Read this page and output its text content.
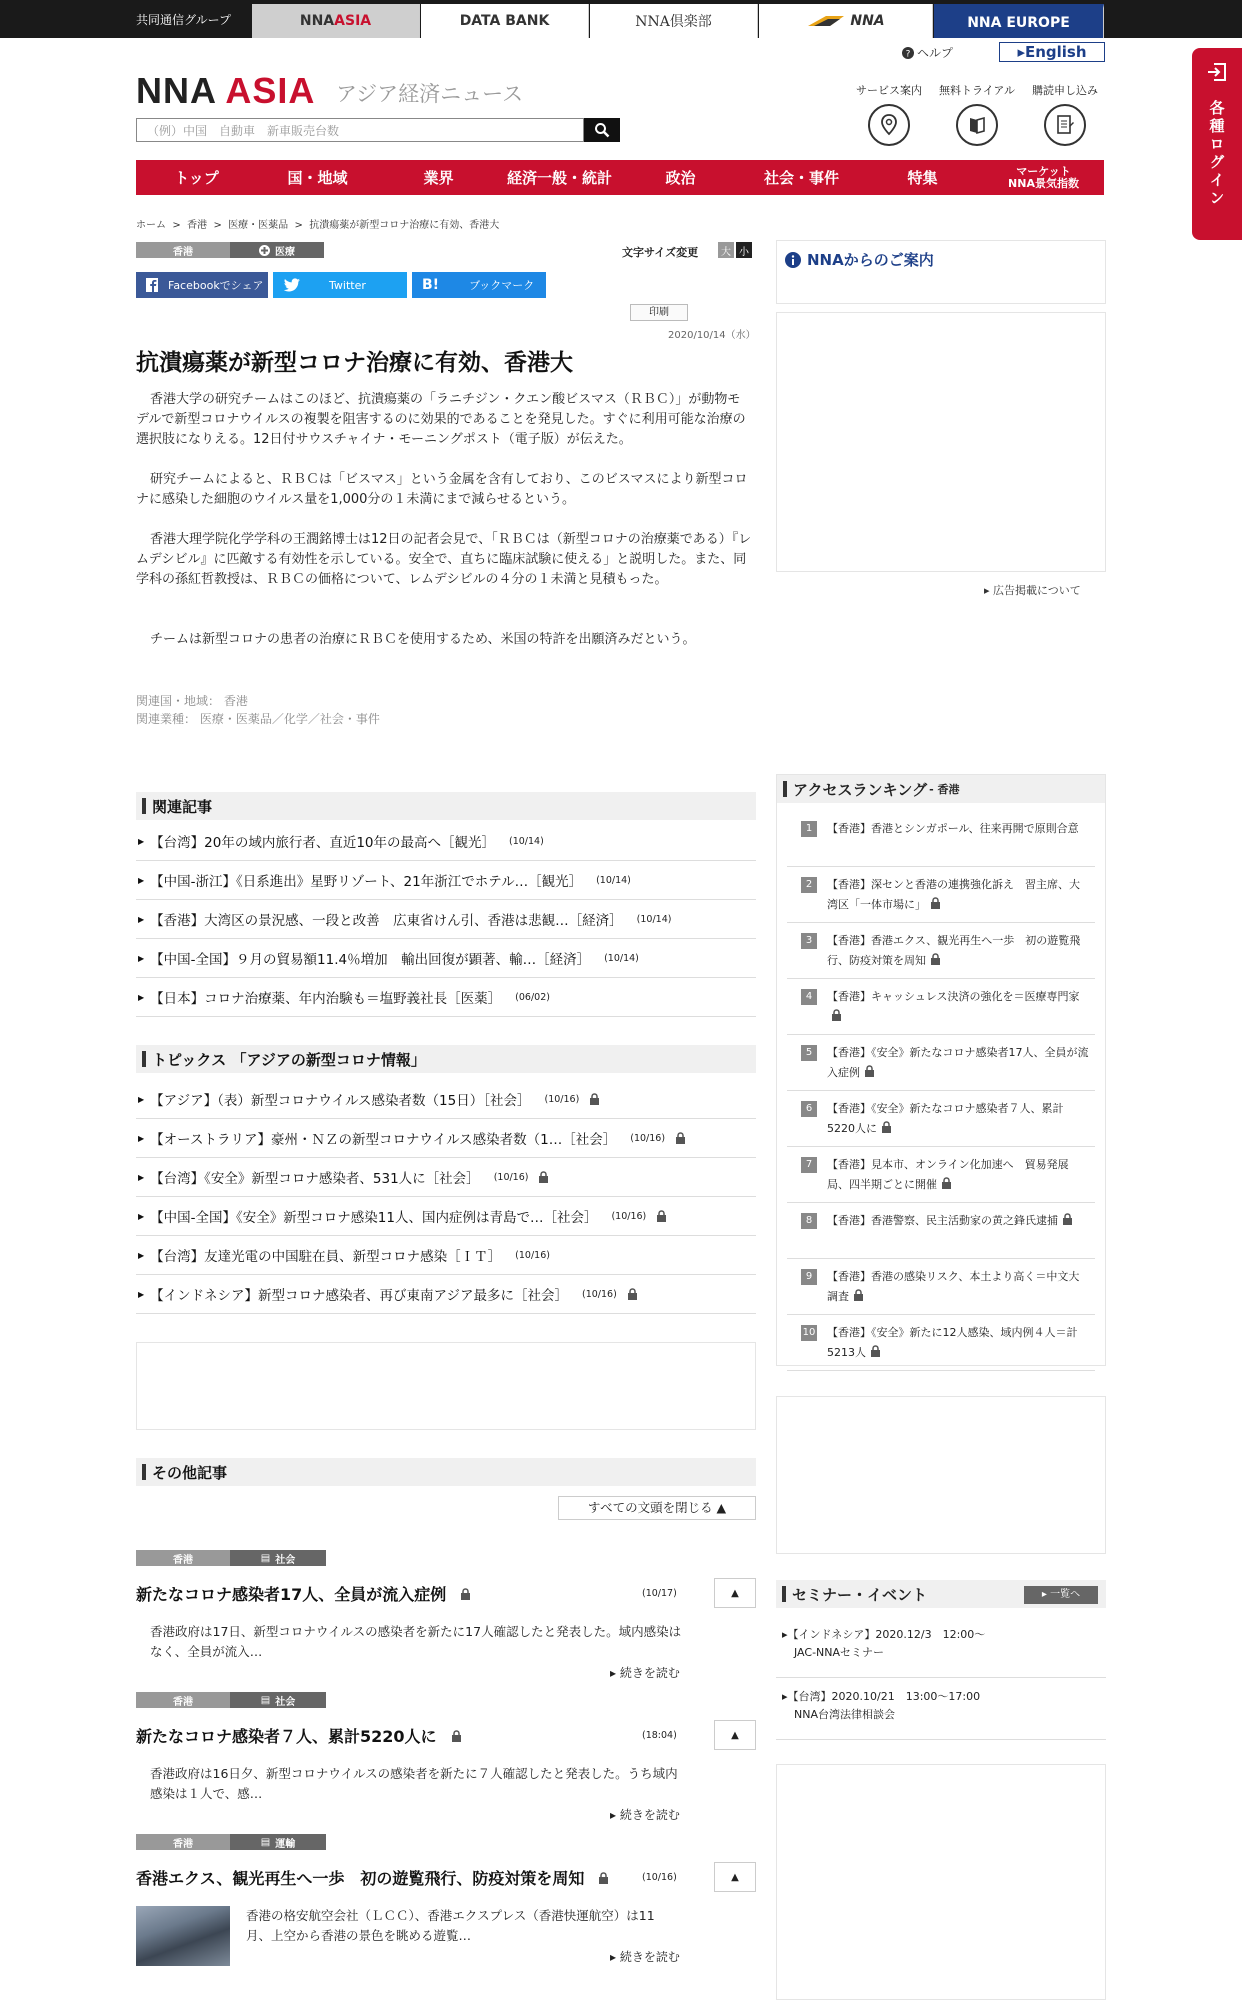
共同通信グループ	NNA ASIA	DATA BANK	NNA倶楽部	NNA	NNA EUROPE
NNA ASIA アジア経済ニュース
（例）中国　自動車　新車販売台数
? ヘルプ	▸English
サービス案内	無料トライアル	購読申し込み
トップ	国・地域	業界	経済一般・統計	政治	社会・事件	特集	マーケット
NNA景気指数	各種ログイン
ホーム  >  香港  >  医療・医薬品  >  抗潰瘍薬が新型コロナ治療に有効、香港大
香港	医療	文字サイズ変更	大 小
Facebookでシェア	Twitter	B!	ブックマーク
印刷
2020/10/14（水）
抗潰瘍薬が新型コロナ治療に有効、香港大
香港大学の研究チームはこのほど、抗潰瘍薬の「ラニチジン・クエン酸ビスマス（ＲＢＣ）」が動物モデルで新型コロナウイルスの複製を阻害するのに効果的であることを発見した。すぐに利用可能な治療の選択肢になりえる。12日付サウスチャイナ・モーニングポスト（電子版）が伝えた。
研究チームによると、ＲＢＣは「ビスマス」という金属を含有しており、このビスマスにより新型コロナに感染した細胞のウイルス量を1,000分の１未満にまで減らせるという。
香港大理学院化学学科の王潤銘博士は12日の記者会見で、「ＲＢＣは（新型コロナの治療薬である）『レムデシビル』に匹敵する有効性を示している。安全で、直ちに臨床試験に使える」と説明した。また、同学科の孫紅哲教授は、ＲＢＣの価格について、レムデシビルの４分の１未満と見積もった。
チームは新型コロナの患者の治療にＲＢＣを使用するため、米国の特許を出願済みだという。
関連国・地域： 香港
関連業種： 医療・医薬品／化学／社会・事件
関連記事
▶ 【台湾】20年の域内旅行者、直近10年の最高へ［観光］ (10/14)
▶ 【中国-浙江】《日系進出》星野リゾート、21年浙江でホテル…［観光］ (10/14)
▶ 【香港】大湾区の景況感、一段と改善　広東省けん引、香港は悲観…［経済］ (10/14)
▶ 【中国-全国】９月の貿易額11.4％増加　輸出回復が顕著、輸…［経済］ (10/14)
▶ 【日本】コロナ治療薬、年内治験も＝塩野義社長［医薬］ (06/02)
トピックス 「アジアの新型コロナ情報」
▶ 【アジア】（表）新型コロナウイルス感染者数（15日）［社会］ (10/16)
▶ 【オーストラリア】豪州・ＮＺの新型コロナウイルス感染者数（1…［社会］ (10/16)
▶ 【台湾】《安全》新型コロナ感染者、531人に［社会］ (10/16)
▶ 【中国-全国】《安全》新型コロナ感染11人、国内症例は青島で…［社会］ (10/16)
▶ 【台湾】友達光電の中国駐在員、新型コロナ感染［ＩＴ］ (10/16)
▶ 【インドネシア】新型コロナ感染者、再び東南アジア最多に［社会］ (10/16)
その他記事
すべての文頭を閉じる ▲
香港	▤ 社会
新たなコロナ感染者17人、全員が流入症例	(10/17)	▲
香港政府は17日、新型コロナウイルスの感染者を新たに17人確認したと発表した。域内感染はなく、全員が流入…
▸ 続きを読む
香港	▤ 社会
新たなコロナ感染者７人、累計5220人に	(18:04)	▲
香港政府は16日夕、新型コロナウイルスの感染者を新たに７人確認したと発表した。うち域内感染は１人で、感…
▸ 続きを読む
香港	▤ 運輸
香港エクス、観光再生へ一歩　初の遊覧飛行、防疫対策を周知	(10/16)	▲
香港の格安航空会社（ＬＣＣ）、香港エクスプレス（香港快運航空）は11月、上空から香港の景色を眺める遊覧…
▸ 続きを読む
NNAからのご案内
▸ 広告掲載について
アクセスランキング - 香港
1	【香港】香港とシンガポール、往来再開で原則合意
2	【香港】深センと香港の連携強化訴え　習主席、大湾区「一体市場に」
3	【香港】香港エクス、観光再生へ一歩　初の遊覧飛行、防疫対策を周知
4	【香港】キャッシュレス決済の強化を＝医療専門家
5	【香港】《安全》新たなコロナ感染者17人、全員が流入症例
6	【香港】《安全》新たなコロナ感染者７人、累計5220人に
7	【香港】見本市、オンライン化加速へ　貿易発展局、四半期ごとに開催
8	【香港】香港警察、民主活動家の黄之鋒氏逮捕
9	【香港】香港の感染リスク、本土より高く＝中文大調査
10 【香港】《安全》新たに12人感染、域内例４人＝計5213人
セミナー・イベント	▸ 一覧へ
▸【インドネシア】2020.12/3　12:00～
JAC-NNAセミナー
▸【台湾】2020.10/21　13:00～17:00
NNA台湾法律相談会
